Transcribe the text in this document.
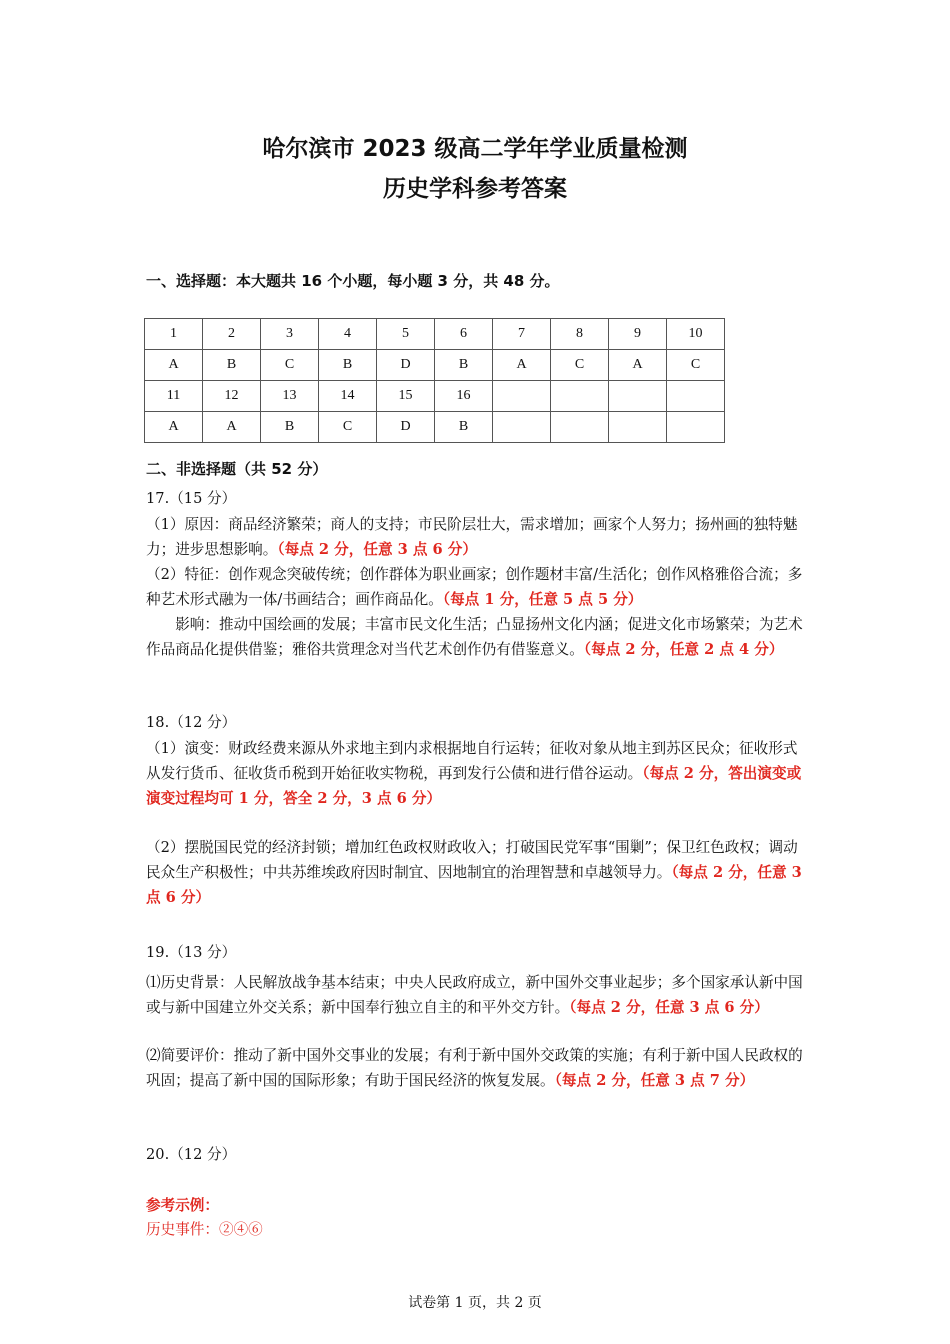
哈尔滨市 2023 级高二学年学业质量检测
历史学科参考答案
一、选择题：本大题共 16 个小题，每小题 3 分，共 48 分。
1	2	3	4	5	6	7	8	9	10
A	B	C	B	D	B	A	C	A	C
11	12	13	14	15	16				
A	A	B	C	D	B				
二、非选择题（共 52 分）
17.（15 分）
（1）原因：商品经济繁荣；商人的支持；市民阶层壮大，需求增加；画家个人努力；扬州画的独特魅力；进步思想影响。（每点 2 分，任意 3 点 6 分）
（2）特征：创作观念突破传统；创作群体为职业画家；创作题材丰富/生活化；创作风格雅俗合流；多种艺术形式融为一体/书画结合；画作商品化。（每点 1 分，任意 5 点 5 分）
影响：推动中国绘画的发展；丰富市民文化生活；凸显扬州文化内涵；促进文化市场繁荣；为艺术作品商品化提供借鉴；雅俗共赏理念对当代艺术创作仍有借鉴意义。（每点 2 分，任意 2 点 4 分）
18.（12 分）
（1）演变：财政经费来源从外求地主到内求根据地自行运转；征收对象从地主到苏区民众；征收形式从发行货币、征收货币税到开始征收实物税，再到发行公债和进行借谷运动。（每点 2 分，答出演变或演变过程均可 1 分，答全 2 分，3 点 6 分）
（2）摆脱国民党的经济封锁；增加红色政权财政收入；打破国民党军事“围剿”；保卫红色政权；调动民众生产积极性；中共苏维埃政府因时制宜、因地制宜的治理智慧和卓越领导力。（每点 2 分，任意 3 点 6 分）
19.（13 分）
⑴历史背景：人民解放战争基本结束；中央人民政府成立，新中国外交事业起步；多个国家承认新中国或与新中国建立外交关系；新中国奉行独立自主的和平外交方针。（每点 2 分，任意 3 点 6 分）
⑵简要评价：推动了新中国外交事业的发展；有利于新中国外交政策的实施；有利于新中国人民政权的巩固；提高了新中国的国际形象；有助于国民经济的恢复发展。（每点 2 分，任意 3 点 7 分）
20.（12 分）
参考示例：
历史事件：②④⑥
试卷第 1 页，共 2 页
